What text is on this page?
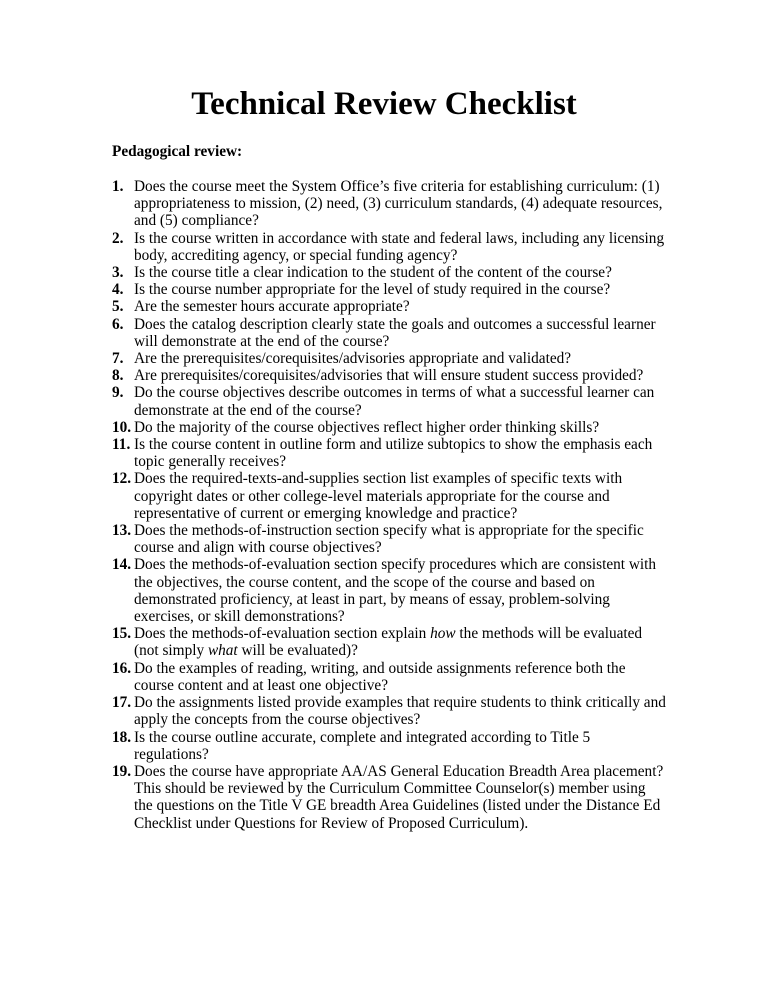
Technical Review Checklist

Pedagogical review:

1. Does the course meet the System Office’s five criteria for establishing curriculum: (1) appropriateness to mission, (2) need, (3) curriculum standards, (4) adequate resources, and (5) compliance?
2. Is the course written in accordance with state and federal laws, including any licensing body, accrediting agency, or special funding agency?
3. Is the course title a clear indication to the student of the content of the course?
4. Is the course number appropriate for the level of study required in the course?
5. Are the semester hours accurate appropriate?
6. Does the catalog description clearly state the goals and outcomes a successful learner will demonstrate at the end of the course?
7. Are the prerequisites/corequisites/advisories appropriate and validated?
8. Are prerequisites/corequisites/advisories that will ensure student success provided?
9. Do the course objectives describe outcomes in terms of what a successful learner can demonstrate at the end of the course?
10. Do the majority of the course objectives reflect higher order thinking skills?
11. Is the course content in outline form and utilize subtopics to show the emphasis each topic generally receives?
12. Does the required-texts-and-supplies section list examples of specific texts with copyright dates or other college-level materials appropriate for the course and representative of current or emerging knowledge and practice?
13. Does the methods-of-instruction section specify what is appropriate for the specific course and align with course objectives?
14. Does the methods-of-evaluation section specify procedures which are consistent with the objectives, the course content, and the scope of the course and based on demonstrated proficiency, at least in part, by means of essay, problem-solving exercises, or skill demonstrations?
15. Does the methods-of-evaluation section explain how the methods will be evaluated (not simply what will be evaluated)?
16. Do the examples of reading, writing, and outside assignments reference both the course content and at least one objective?
17. Do the assignments listed provide examples that require students to think critically and apply the concepts from the course objectives?
18. Is the course outline accurate, complete and integrated according to Title 5 regulations?
19. Does the course have appropriate AA/AS General Education Breadth Area placement? This should be reviewed by the Curriculum Committee Counselor(s) member using the questions on the Title V GE breadth Area Guidelines (listed under the Distance Ed Checklist under Questions for Review of Proposed Curriculum).
